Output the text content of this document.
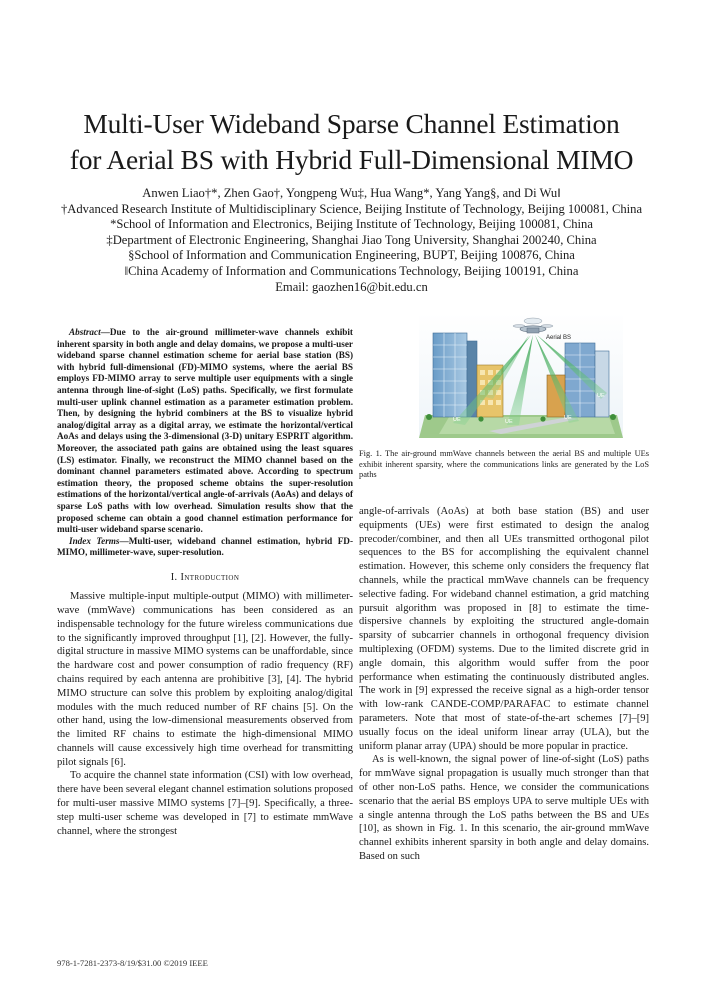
Multi-User Wideband Sparse Channel Estimation
for Aerial BS with Hybrid Full-Dimensional MIMO
Anwen Liao†*, Zhen Gao†, Yongpeng Wu‡, Hua Wang*, Yang Yang§, and Di Wu‖
†Advanced Research Institute of Multidisciplinary Science, Beijing Institute of Technology, Beijing 100081, China
*School of Information and Electronics, Beijing Institute of Technology, Beijing 100081, China
‡Department of Electronic Engineering, Shanghai Jiao Tong University, Shanghai 200240, China
§School of Information and Communication Engineering, BUPT, Beijing 100876, China
‖China Academy of Information and Communications Technology, Beijing 100191, China
Email: gaozhen16@bit.edu.cn

Abstract—Due to the air-ground millimeter-wave channels exhibit inherent sparsity in both angle and delay domains, we propose a multi-user wideband sparse channel estimation scheme for aerial base station (BS) with hybrid full-dimensional (FD)-MIMO systems, where the aerial BS employs FD-MIMO array to serve multiple user equipments with a single antenna through line-of-sight (LoS) paths. Specifically, we first formulate multi-user uplink channel estimation as a parameter estimation problem. Then, by designing the hybrid combiners at the BS to visualize hybrid analog/digital array as a digital array, we estimate the horizontal/vertical AoAs and delays using the 3-dimensional (3-D) unitary ESPRIT algorithm. Moreover, the associated path gains are obtained using the least squares (LS) estimator. Finally, we reconstruct the MIMO channel based on the dominant channel parameters estimated above. According to spectrum estimation theory, the proposed scheme obtains the super-resolution estimations of the horizontal/vertical angle-of-arrivals (AoAs) and delays of sparse LoS paths with low overhead. Simulation results show that the proposed scheme can obtain a good channel estimation performance for multi-user wideband sparse scenario.

Index Terms—Multi-user, wideband channel estimation, hybrid FD-MIMO, millimeter-wave, super-resolution.

I. Introduction

Massive multiple-input multiple-output (MIMO) with millimeter-wave (mmWave) communications has been considered as an indispensable technology for the future wireless communications due to the significantly improved throughput [1], [2]. However, the fully-digital structure in massive MIMO systems can be unaffordable, since the hardware cost and power consumption of radio frequency (RF) chains required by each antenna are prohibitive [3], [4]. The hybrid MIMO structure can solve this problem by exploiting analog/digital modules with the much reduced number of RF chains [5]. On the other hand, using the low-dimensional measurements observed from the limited RF chains to estimate the high-dimensional MIMO channels will cause excessively high time overhead for transmitting pilot signals [6].

To acquire the channel state information (CSI) with low overhead, there have been several elegant channel estimation solutions proposed for multi-user massive MIMO systems [7]–[9]. Specifically, a three-step multi-user scheme was developed in [7] to estimate mmWave channel, where the strongest

Aerial BS
UE	UE
UE
UE
Fig. 1. The air-ground mmWave channels between the aerial BS and multiple UEs exhibit inherent sparsity, where the communications links are generated by the LoS paths

angle-of-arrivals (AoAs) at both base station (BS) and user equipments (UEs) were first estimated to design the analog precoder/combiner, and then all UEs transmitted orthogonal pilot sequences to the BS for accomplishing the equivalent channel estimation. However, this scheme only considers the frequency flat channels, while the practical mmWave channels can be frequency selective fading. For wideband channel estimation, a grid matching pursuit algorithm was proposed in [8] to estimate the time-dispersive channels by exploiting the structured angle-domain sparsity of subcarrier channels in orthogonal frequency division multiplexing (OFDM) systems. Due to the limited discrete grid in angle domain, this algorithm would suffer from the poor performance when estimating the continuously distributed angles. The work in [9] expressed the receive signal as a high-order tensor with low-rank CANDE-COMP/PARAFAC to estimate channel parameters. Note that most of state-of-the-art schemes [7]–[9] usually focus on the ideal uniform linear array (ULA), but the uniform planar array (UPA) should be more popular in practice.

As is well-known, the signal power of line-of-sight (LoS) paths for mmWave signal propagation is usually much stronger than that of other non-LoS paths. Hence, we consider the communications scenario that the aerial BS employs UPA to serve multiple UEs with a single antenna through the LoS paths between the BS and UEs [10], as shown in Fig. 1. In this scenario, the air-ground mmWave channel exhibits inherent sparsity in both angle and delay domains. Based on such

978-1-7281-2373-8/19/$31.00 ©2019 IEEE
